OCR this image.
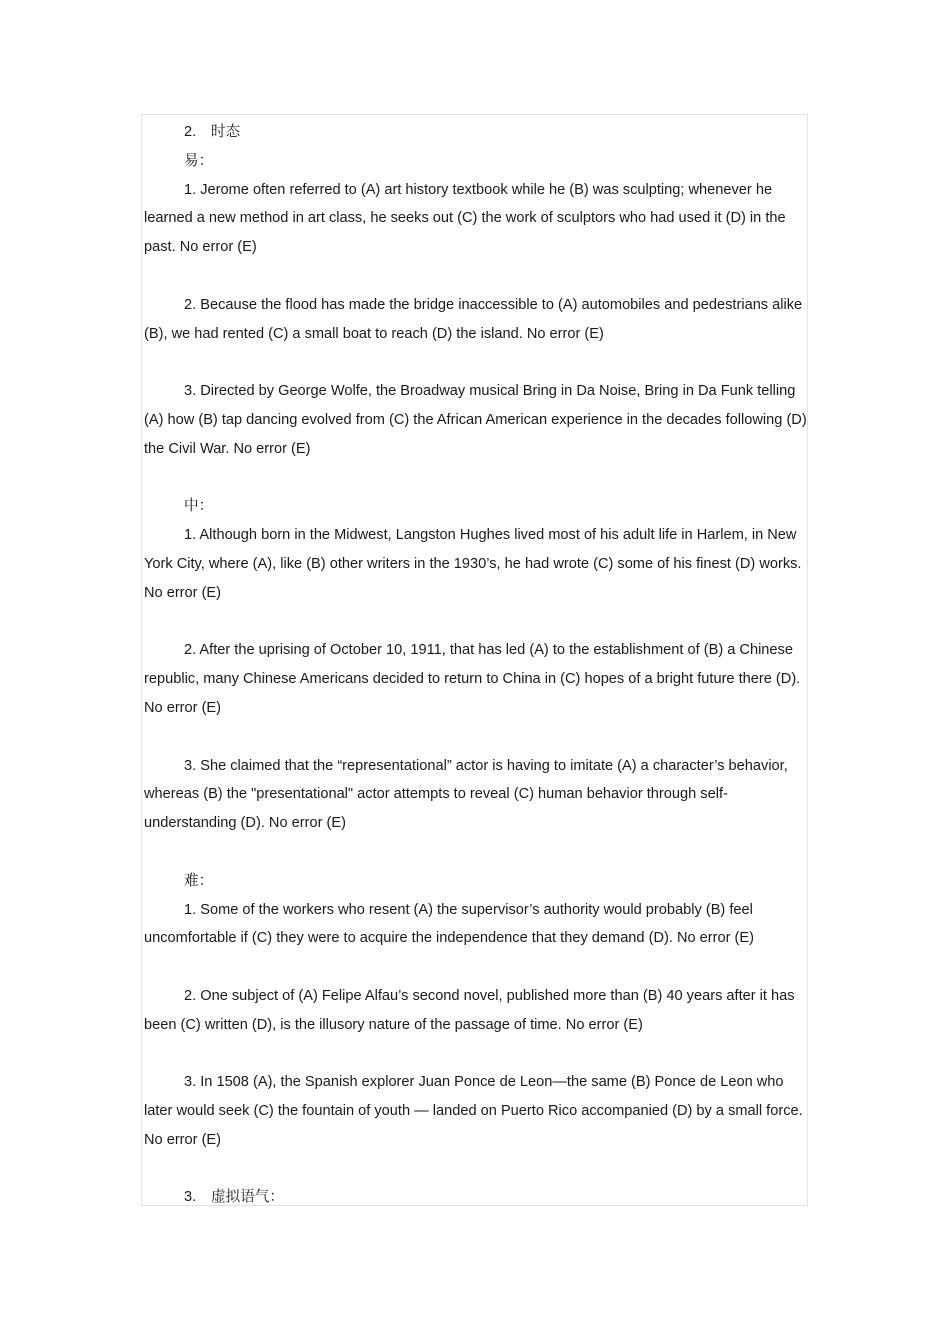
2. 时态

易：

1. Jerome often referred to (A) art history textbook while he (B) was sculpting; whenever he learned a new method in art class, he seeks out (C) the work of sculptors who had used it (D) in the past. No error (E)

2. Because the flood has made the bridge inaccessible to (A) automobiles and pedestrians alike (B), we had rented (C) a small boat to reach (D) the island. No error (E)

3. Directed by George Wolfe, the Broadway musical Bring in Da Noise, Bring in Da Funk telling (A) how (B) tap dancing evolved from (C) the African American experience in the decades following (D) the Civil War. No error (E)

中：

1. Although born in the Midwest, Langston Hughes lived most of his adult life in Harlem, in New York City, where (A), like (B) other writers in the 1930’s, he had wrote (C) some of his finest (D) works. No error (E)

2. After the uprising of October 10, 1911, that has led (A) to the establishment of (B) a Chinese republic, many Chinese Americans decided to return to China in (C) hopes of a bright future there (D). No error (E)

3. She claimed that the “representational” actor is having to imitate (A) a character’s behavior, whereas (B) the "presentational" actor attempts to reveal (C) human behavior through self-understanding (D). No error (E)

难：

1. Some of the workers who resent (A) the supervisor’s authority would probably (B) feel uncomfortable if (C) they were to acquire the independence that they demand (D). No error (E)

2. One subject of (A) Felipe Alfau’s second novel, published more than (B) 40 years after it has been (C) written (D), is the illusory nature of the passage of time. No error (E)

3. In 1508 (A), the Spanish explorer Juan Ponce de Leon—the same (B) Ponce de Leon who later would seek (C) the fountain of youth — landed on Puerto Rico accompanied (D) by a small force. No error (E)

3. 虚拟语气：
